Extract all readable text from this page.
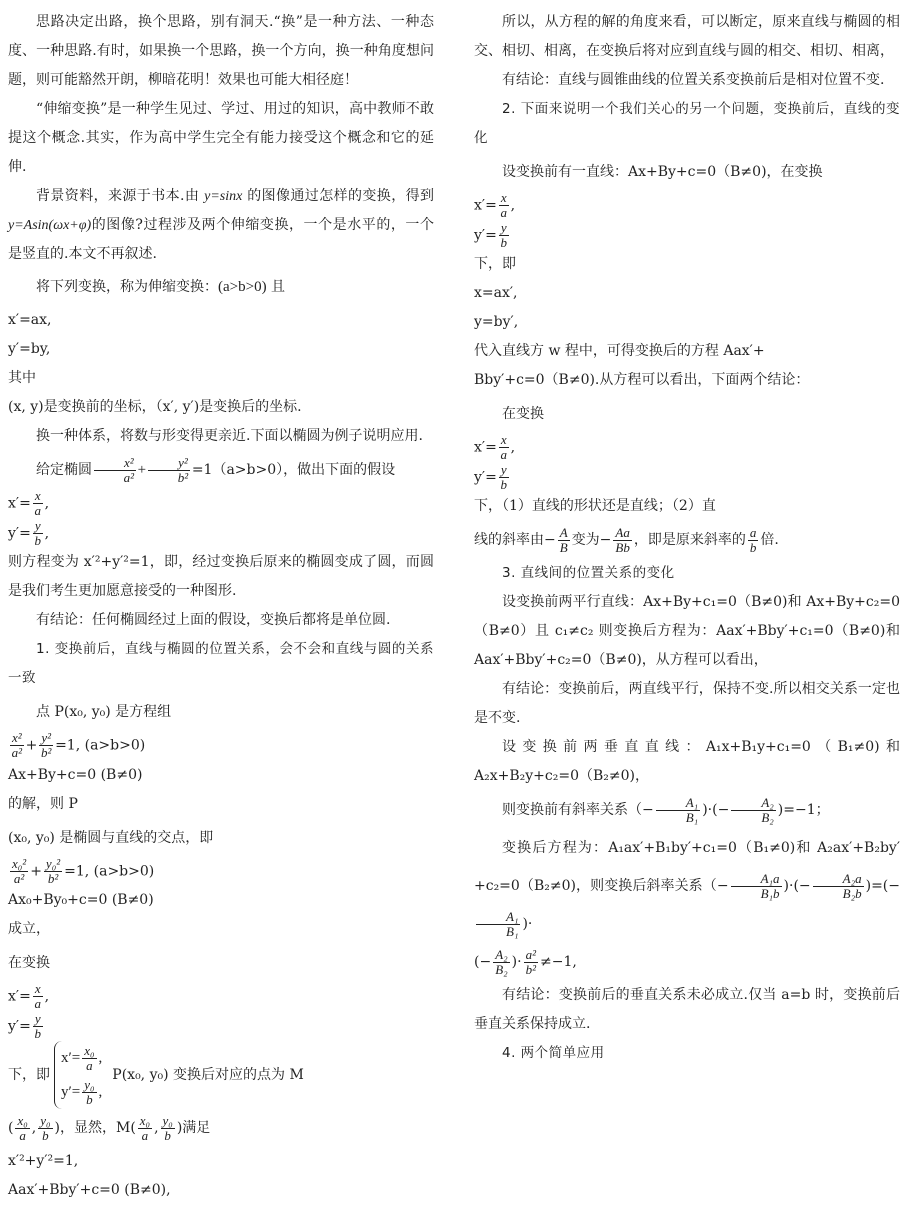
思路决定出路，换个思路，别有洞天.“换”是一种方法、一种态度、一种思路.有时，如果换一个思路，换一个方向，换一种角度想问题，则可能豁然开朗，柳暗花明！效果也可能大相径庭！

“伸缩变换”是一种学生见过、学过、用过的知识，高中教师不敢提这个概念.其实，作为高中学生完全有能力接受这个概念和它的延伸.

背景资料，来源于书本.由 y=sinx 的图像通过怎样的变换，得到y=Asin(ωx+φ)的图像?过程涉及两个伸缩变换，一个是水平的，一个是竖直的.本文不再叙述.

将下列变换，称为伸缩变换：(a>b>0) 且

x′=ax,
y′=by,
其中

(x, y)是变换前的坐标，（x′, y′)是变换后的坐标.

换一种体系，将数与形变得更亲近.下面以椭圆为例子说明应用.

给定椭圆 $\frac{\text{x²}}{\text{a²}} + \frac{\text{y²}}{\text{b²}} =1(a>b>0)$，做出下面的假设

$x'= \frac{x}{a}$ ,
$y'= \frac{y}{b}$ ,

则方程变为 x′²+y′²=1，即，经过变换后原来的椭圆变成了圆，而圆是我们考生更加愿意接受的一种图形.

有结论：任何椭圆经过上面的假设，变换后都将是单位圆.

1. 变换前后，直线与椭圆的位置关系，会不会和直线与圆的关系一致

点 P(x₀, y₀) 是方程组

$\frac{\text{x²}}{\text{a²}} + \frac{\text{y²}}{\text{b²}} =1$, (a>b>0)
Ax+By+c=0 (B≠0)
的解，则 P

(x₀, y₀) 是椭圆与直线的交点，即

$\frac{\text{x₀²}}{\text{a²}} + \frac{\text{y₀²}}{\text{b²}} =1$, (a>b>0)
Ax₀+By₀+c=0 (B≠0)
成立，

在变换

$x'= \frac{x}{a}$ ,
$y'= \frac{y}{b}$
下，即
$x'= \frac{\text{x₀}}{a}$ ,
$y'= \frac{\text{y₀}}{b}$ ,
P(x₀, y₀) 变换后对应的点为 M

( $\frac{\text{x₀}}{a}$ , $\frac{\text{y₀}}{b}$ )，显然，$M( \frac{\text{x₀}}{a}$ , $\frac{\text{y₀}}{b}$ )满足

x′²+y′²=1,
Aax′+Bby′+c=0 (B≠0),

所以，从方程的解的角度来看，可以断定，原来直线与椭圆的相交、相切、相离，在变换后将对应到直线与圆的相交、相切、相离，

有结论：直线与圆锥曲线的位置关系变换前后是相对位置不变.

2. 下面来说明一个我们关心的另一个问题，变换前后，直线的变化

设变换前有一直线：Ax+By+c=0（B≠0)，在变换

$x'= \frac{x}{a}$ ,
$y'= \frac{y}{b}$

下，即

x=ax′,
y=by′,
代入直线方 w 程中，可得变换后的方程 Aax′+

Bby′+c=0（B≠0).从方程可以看出，下面两个结论：

在变换

$x'= \frac{x}{a}$ ,
$y'= \frac{y}{b}$
下，（1）直线的形状还是直线；（2）直

线的斜率由− $\frac{A}{B}$ 变为− $\frac{Aa}{Bb}$ ，即是原来斜率的 $\frac{a}{b}$ 倍.

3. 直线间的位置关系的变化

设变换前两平行直线：Ax+By+c₁=0（B≠0)和 Ax+By+c₂=0（B≠0）且 c₁≠c₂ 则变换后方程为：Aax′+Bby′+c₁=0（B≠0)和 Aax′+Bby′+c₂=0（B≠0)，从方程可以看出，

有结论：变换前后，两直线平行，保持不变.所以相交关系一定也是不变.

设变换前两垂直直线：A₁x+B₁y+c₁=0（B₁≠0)和 A₂x+B₂y+c₂=0（B₂≠0)，

则变换前有斜率关系（− $\frac{\text{A₁}}{\text{B₁}}$ )·(− $\frac{\text{A₂}}{\text{B₂}} )=-1$；

变换后方程为：A₁ax′+B₁by′+c₁=0（B₁≠0)和 A₂ax′+B₂by′+c₂=0（B₂≠0)，则变换后斜率关系（− $\frac{\text{A₁a}}{\text{B₁b}}$ )·(− $\frac{\text{A₂a}}{\text{B₂b}}$ )=(−
$\frac{\text{A₁}}{\text{B₁}}$ )·

(− $\frac{\text{A₂}}{\text{B₂}}$ )· $\frac{\text{a²}}{\text{b²}} \ne-1$,

有结论：变换前后的垂直关系未必成立.仅当 a=b 时，变换前后垂直关系保持成立.

4. 两个简单应用
